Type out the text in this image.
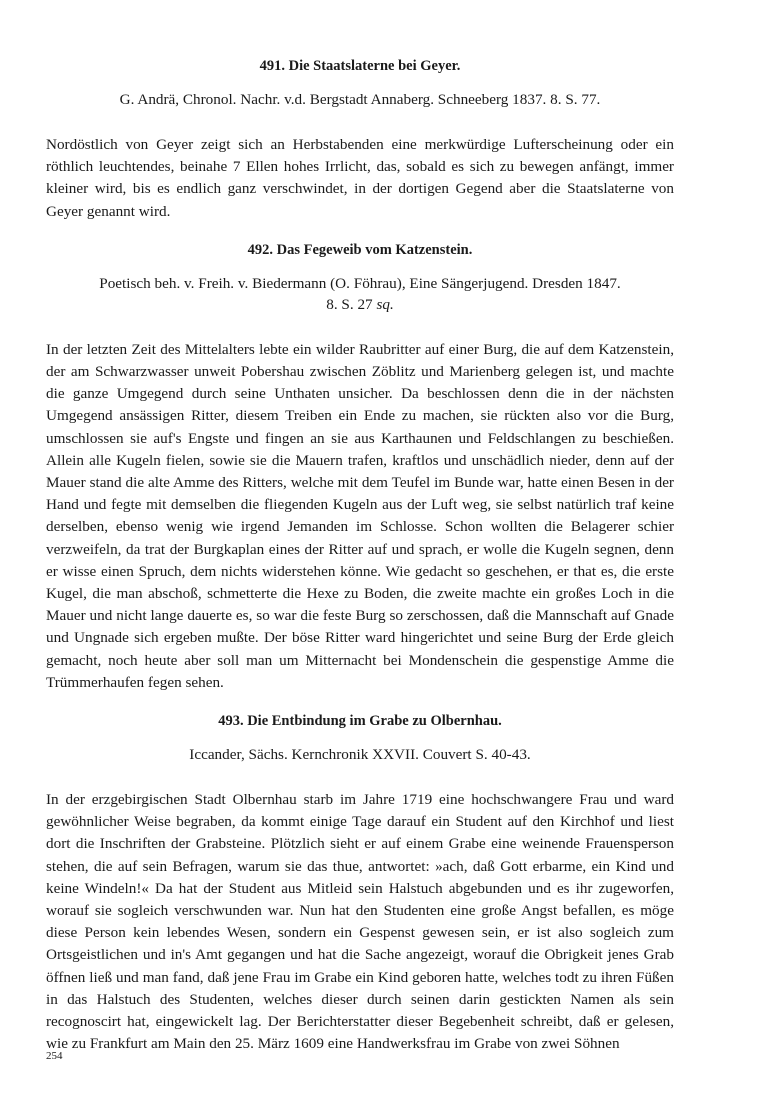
491. Die Staatslaterne bei Geyer.
G. Andrä, Chronol. Nachr. v.d. Bergstadt Annaberg. Schneeberg 1837. 8. S. 77.

Nordöstlich von Geyer zeigt sich an Herbstabenden eine merkwürdige Lufterscheinung oder ein röthlich leuchtendes, beinahe 7 Ellen hohes Irrlicht, das, sobald es sich zu bewegen anfängt, immer kleiner wird, bis es endlich ganz verschwindet, in der dortigen Gegend aber die Staatslaterne von Geyer genannt wird.

492. Das Fegeweib vom Katzenstein.
Poetisch beh. v. Freih. v. Biedermann (O. Föhrau), Eine Sängerjugend. Dresden 1847.
8. S. 27 sq.

In der letzten Zeit des Mittelalters lebte ein wilder Raubritter auf einer Burg, die auf dem Katzenstein, der am Schwarzwasser unweit Pobershau zwischen Zöblitz und Marienberg gelegen ist, und machte die ganze Umgegend durch seine Unthaten unsicher. Da beschlossen denn die in der nächsten Umgegend ansässigen Ritter, diesem Treiben ein Ende zu machen, sie rückten also vor die Burg, umschlossen sie auf's Engste und fingen an sie aus Karthaunen und Feldschlangen zu beschießen. Allein alle Kugeln fielen, sowie sie die Mauern trafen, kraftlos und unschädlich nieder, denn auf der Mauer stand die alte Amme des Ritters, welche mit dem Teufel im Bunde war, hatte einen Besen in der Hand und fegte mit demselben die fliegenden Kugeln aus der Luft weg, sie selbst natürlich traf keine derselben, ebenso wenig wie irgend Jemanden im Schlosse. Schon wollten die Belagerer schier verzweifeln, da trat der Burgkaplan eines der Ritter auf und sprach, er wolle die Kugeln segnen, denn er wisse einen Spruch, dem nichts widerstehen könne. Wie gedacht so geschehen, er that es, die erste Kugel, die man abschoß, schmetterte die Hexe zu Boden, die zweite machte ein großes Loch in die Mauer und nicht lange dauerte es, so war die feste Burg so zerschossen, daß die Mannschaft auf Gnade und Ungnade sich ergeben mußte. Der böse Ritter ward hingerichtet und seine Burg der Erde gleich gemacht, noch heute aber soll man um Mitternacht bei Mondenschein die gespenstige Amme die Trümmerhaufen fegen sehen.

493. Die Entbindung im Grabe zu Olbernhau.
Iccander, Sächs. Kernchronik XXVII. Couvert S. 40-43.

In der erzgebirgischen Stadt Olbernhau starb im Jahre 1719 eine hochschwangere Frau und ward gewöhnlicher Weise begraben, da kommt einige Tage darauf ein Student auf den Kirchhof und liest dort die Inschriften der Grabsteine. Plötzlich sieht er auf einem Grabe eine weinende Frauensperson stehen, die auf sein Befragen, warum sie das thue, antwortet: »ach, daß Gott erbarme, ein Kind und keine Windeln!« Da hat der Student aus Mitleid sein Halstuch abgebunden und es ihr zugeworfen, worauf sie sogleich verschwunden war. Nun hat den Studenten eine große Angst befallen, es möge diese Person kein lebendes Wesen, sondern ein Gespenst gewesen sein, er ist also sogleich zum Ortsgeistlichen und in's Amt gegangen und hat die Sache angezeigt, worauf die Obrigkeit jenes Grab öffnen ließ und man fand, daß jene Frau im Grabe ein Kind geboren hatte, welches todt zu ihren Füßen in das Halstuch des Studenten, welches dieser durch seinen darin gestickten Namen als sein recognoscirt hat, eingewickelt lag. Der Berichterstatter dieser Begebenheit schreibt, daß er gelesen, wie zu Frankfurt am Main den 25. März 1609 eine Handwerksfrau im Grabe von zwei Söhnen

254
